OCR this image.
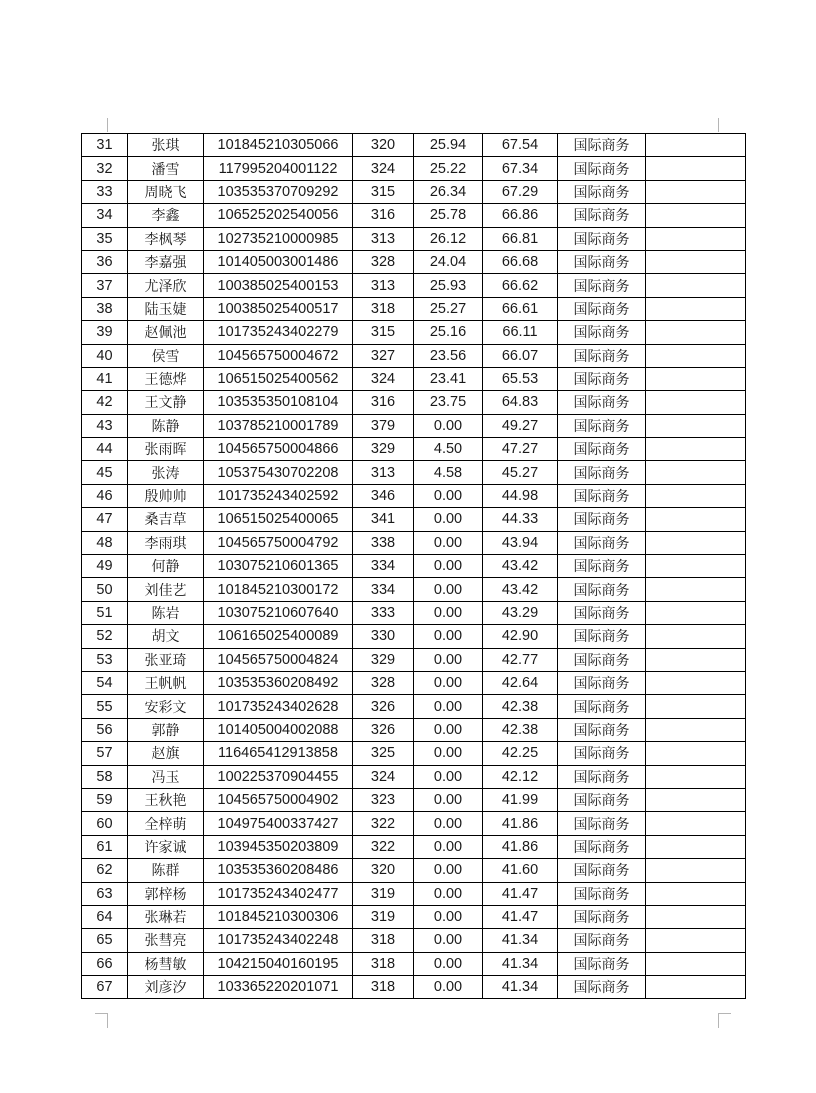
31	张琪	101845210305066	320	25.94	67.54	国际商务	
32	潘雪	117995204001122	324	25.22	67.34	国际商务	
33	周晓飞	103535370709292	315	26.34	67.29	国际商务	
34	李鑫	106525202540056	316	25.78	66.86	国际商务	
35	李枫琴	102735210000985	313	26.12	66.81	国际商务	
36	李嘉强	101405003001486	328	24.04	66.68	国际商务	
37	尤泽欣	100385025400153	313	25.93	66.62	国际商务	
38	陆玉婕	100385025400517	318	25.27	66.61	国际商务	
39	赵佩池	101735243402279	315	25.16	66.11	国际商务	
40	侯雪	104565750004672	327	23.56	66.07	国际商务	
41	王德烨	106515025400562	324	23.41	65.53	国际商务	
42	王文静	103535350108104	316	23.75	64.83	国际商务	
43	陈静	103785210001789	379	0.00	49.27	国际商务	
44	张雨晖	104565750004866	329	4.50	47.27	国际商务	
45	张涛	105375430702208	313	4.58	45.27	国际商务	
46	殷帅帅	101735243402592	346	0.00	44.98	国际商务	
47	桑吉草	106515025400065	341	0.00	44.33	国际商务	
48	李雨琪	104565750004792	338	0.00	43.94	国际商务	
49	何静	103075210601365	334	0.00	43.42	国际商务	
50	刘佳艺	101845210300172	334	0.00	43.42	国际商务	
51	陈岩	103075210607640	333	0.00	43.29	国际商务	
52	胡文	106165025400089	330	0.00	42.90	国际商务	
53	张亚琦	104565750004824	329	0.00	42.77	国际商务	
54	王帆帆	103535360208492	328	0.00	42.64	国际商务	
55	安彩文	101735243402628	326	0.00	42.38	国际商务	
56	郭静	101405004002088	326	0.00	42.38	国际商务	
57	赵旗	116465412913858	325	0.00	42.25	国际商务	
58	冯玉	100225370904455	324	0.00	42.12	国际商务	
59	王秋艳	104565750004902	323	0.00	41.99	国际商务	
60	全梓萌	104975400337427	322	0.00	41.86	国际商务	
61	许家诚	103945350203809	322	0.00	41.86	国际商务	
62	陈群	103535360208486	320	0.00	41.60	国际商务	
63	郭梓杨	101735243402477	319	0.00	41.47	国际商务	
64	张琳若	101845210300306	319	0.00	41.47	国际商务	
65	张彗亮	101735243402248	318	0.00	41.34	国际商务	
66	杨彗敏	104215040160195	318	0.00	41.34	国际商务	
67	刘彦汐	103365220201071	318	0.00	41.34	国际商务	
